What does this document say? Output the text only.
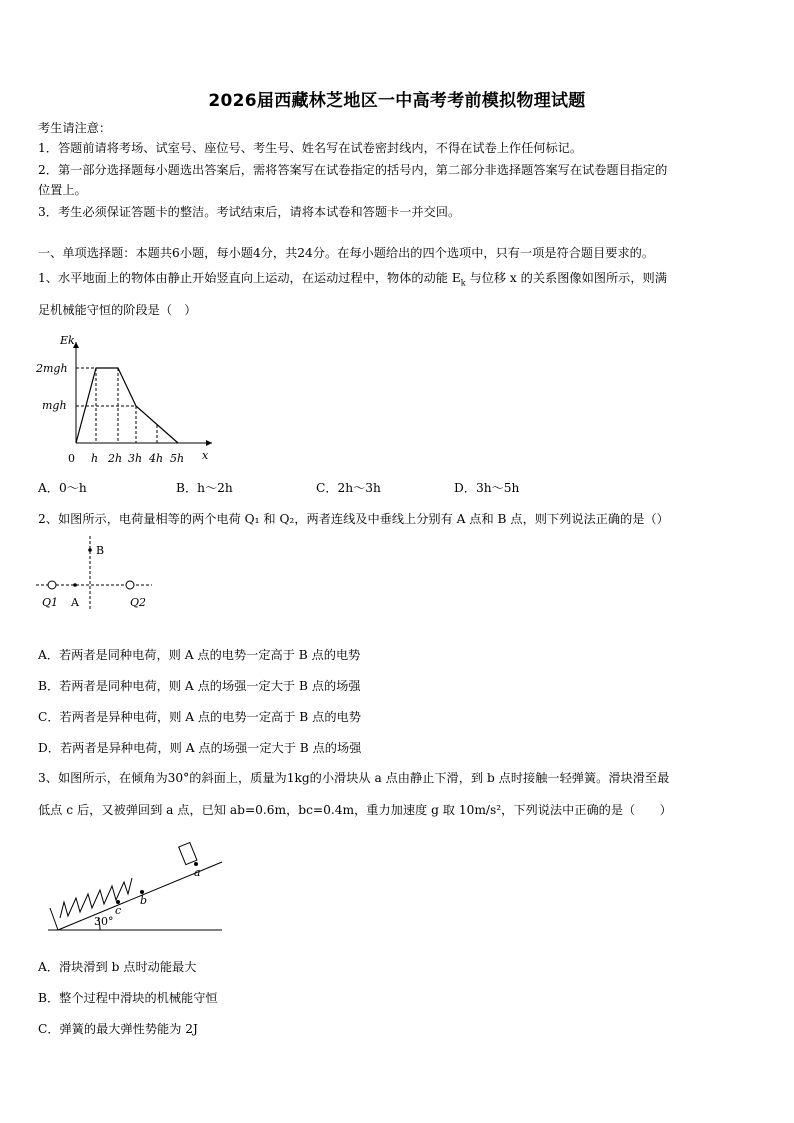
2026届西藏林芝地区一中高考考前模拟物理试题
考生请注意：
1．答题前请将考场、试室号、座位号、考生号、姓名写在试卷密封线内，不得在试卷上作任何标记。
2．第一部分选择题每小题选出答案后，需将答案写在试卷指定的括号内，第二部分非选择题答案写在试卷题目指定的
位置上。
3．考生必须保证答题卡的整洁。考试结束后，请将本试卷和答题卡一并交回。
一、单项选择题：本题共6小题，每小题4分，共24分。在每小题给出的四个选项中，只有一项是符合题目要求的。
1、水平地面上的物体由静止开始竖直向上运动，在运动过程中，物体的动能 $E_k$ 与位移 x 的关系图像如图所示，则满
足机械能守恒的阶段是（　）
Ek
2mgh
mgh
0 h 2h 3h 4h 5h x
A．0～h	B．h～2h	C．2h～3h	D．3h～5h
2、如图所示，电荷量相等的两个电荷 Q₁ 和 Q₂，两者连线及中垂线上分别有 A 点和 B 点，则下列说法正确的是（）
B
Q1 A	Q2
A．若两者是同种电荷，则 A 点的电势一定高于 B 点的电势
B．若两者是同种电荷，则 A 点的场强一定大于 B 点的场强
C．若两者是异种电荷，则 A 点的电势一定高于 B 点的电势
D．若两者是异种电荷，则 A 点的场强一定大于 B 点的场强
3、如图所示，在倾角为30°的斜面上，质量为1kg的小滑块从 a 点由静止下滑，到 b 点时接触一轻弹簧。滑块滑至最
低点 c 后，又被弹回到 a 点，已知 ab=0.6m，bc=0.4m，重力加速度 g 取 10m/s²，下列说法中正确的是（　　）
30°
c
b
a
A．滑块滑到 b 点时动能最大
B．整个过程中滑块的机械能守恒
C．弹簧的最大弹性势能为 2J
